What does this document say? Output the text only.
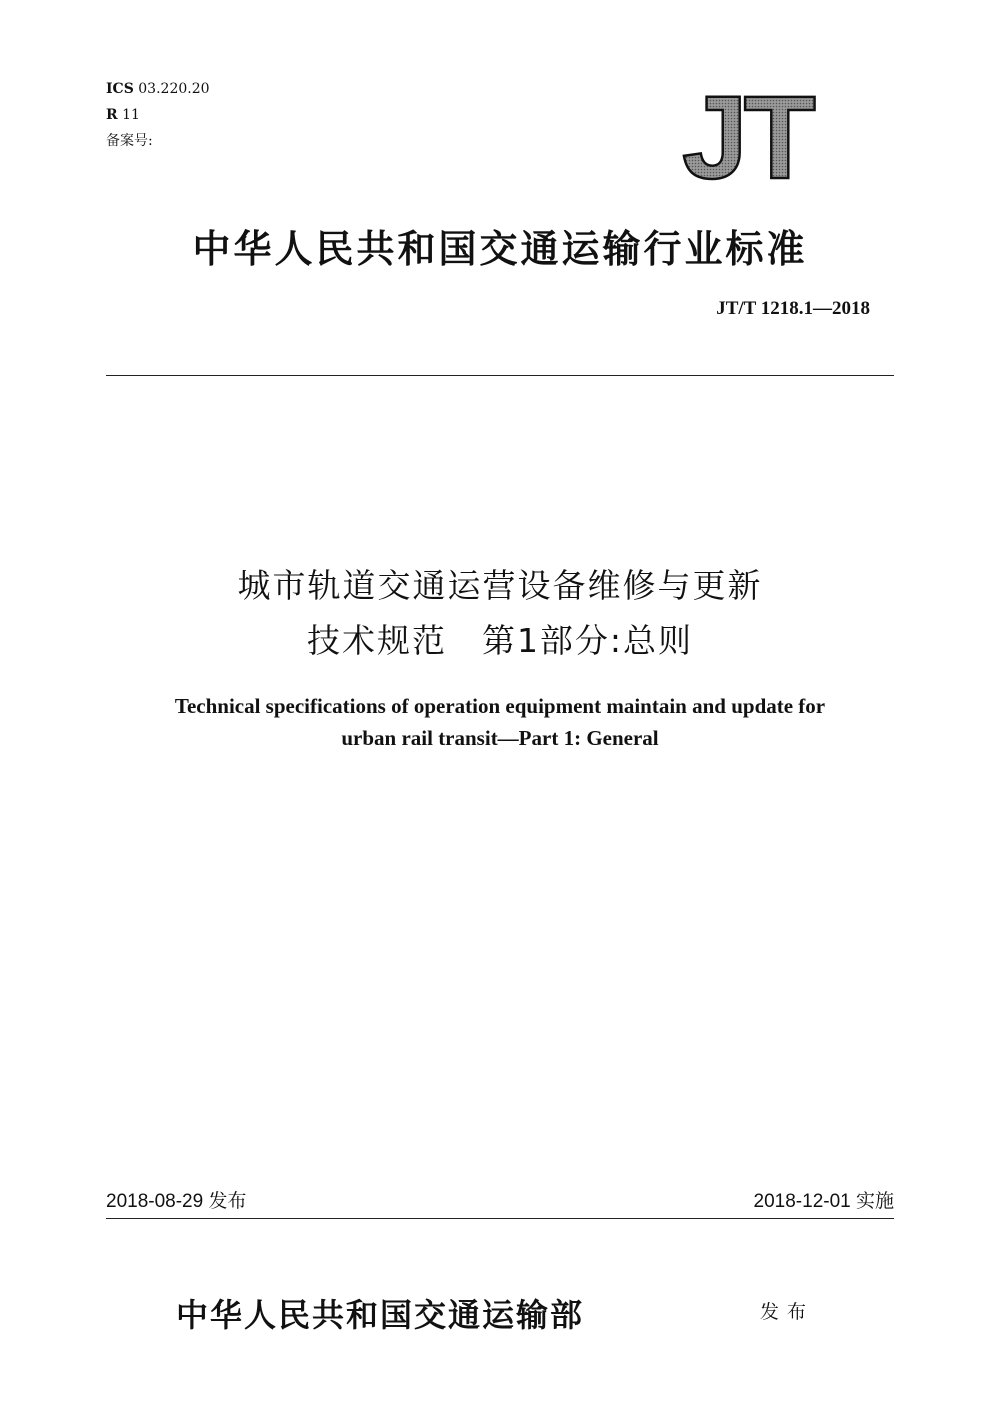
ICS 03.220.20
R 11
备案号:	JT
中华人民共和国交通运输行业标准
JT/T 1218.1—2018
城市轨道交通运营设备维修与更新
技术规范　第1部分:总则
Technical specifications of operation equipment maintain and update for
urban rail transit—Part 1: General
2018-08-29 发布	2018-12-01 实施
中华人民共和国交通运输部	发布
